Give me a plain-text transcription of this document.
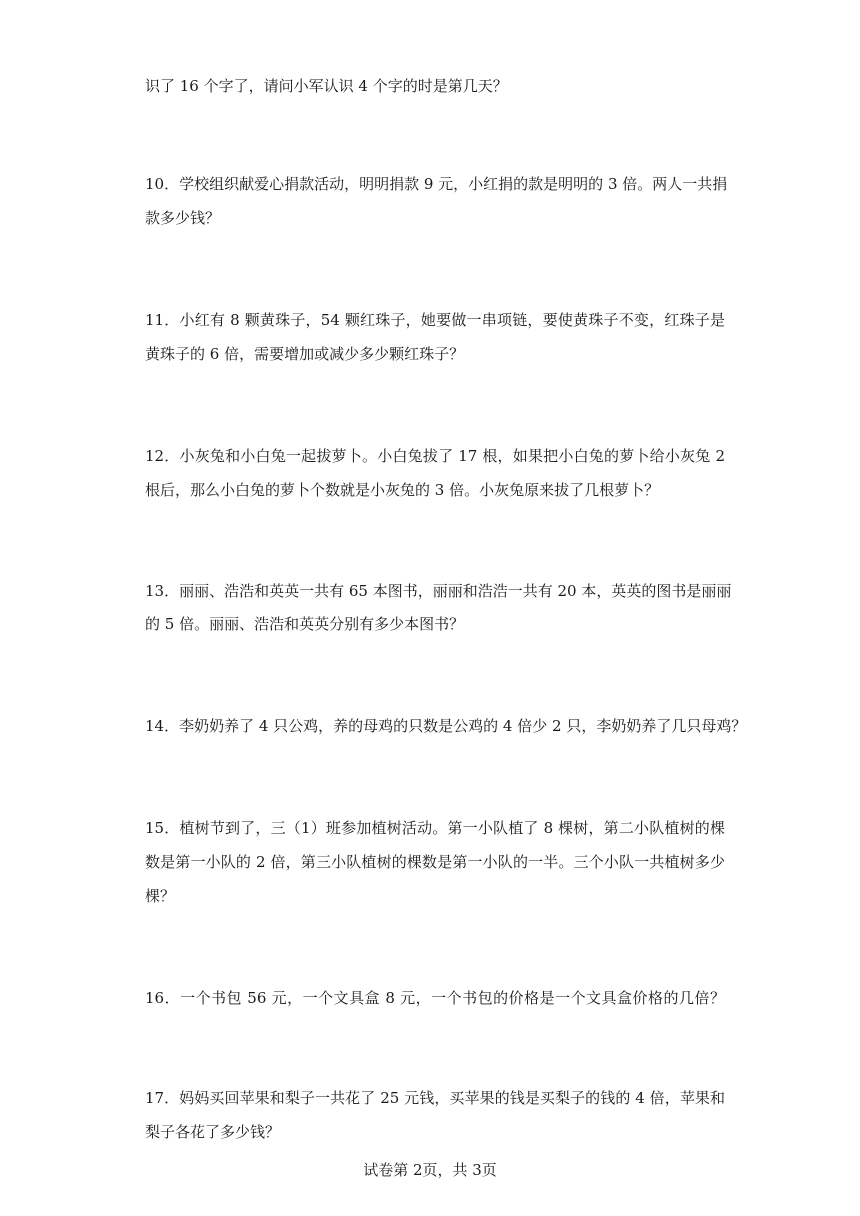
识了 16 个字了，请问小军认识 4 个字的时是第几天？
10．学校组织献爱心捐款活动，明明捐款 9 元，小红捐的款是明明的 3 倍。两人一共捐
款多少钱？
11．小红有 8 颗黄珠子，54 颗红珠子，她要做一串项链，要使黄珠子不变，红珠子是
黄珠子的 6 倍，需要增加或减少多少颗红珠子？
12．小灰兔和小白兔一起拔萝卜。小白兔拔了 17 根，如果把小白兔的萝卜给小灰兔 2
根后，那么小白兔的萝卜个数就是小灰兔的 3 倍。小灰兔原来拔了几根萝卜？
13．丽丽、浩浩和英英一共有 65 本图书，丽丽和浩浩一共有 20 本，英英的图书是丽丽
的 5 倍。丽丽、浩浩和英英分别有多少本图书？
14．李奶奶养了 4 只公鸡，养的母鸡的只数是公鸡的 4 倍少 2 只，李奶奶养了几只母鸡？
15．植树节到了，三（1）班参加植树活动。第一小队植了 8 棵树，第二小队植树的棵
数是第一小队的 2 倍，第三小队植树的棵数是第一小队的一半。三个小队一共植树多少
棵？
16．一个书包 56 元，一个文具盒 8 元，一个书包的价格是一个文具盒价格的几倍？
17．妈妈买回苹果和梨子一共花了 25 元钱，买苹果的钱是买梨子的钱的 4 倍，苹果和
梨子各花了多少钱？
试卷第 2页，共 3页
